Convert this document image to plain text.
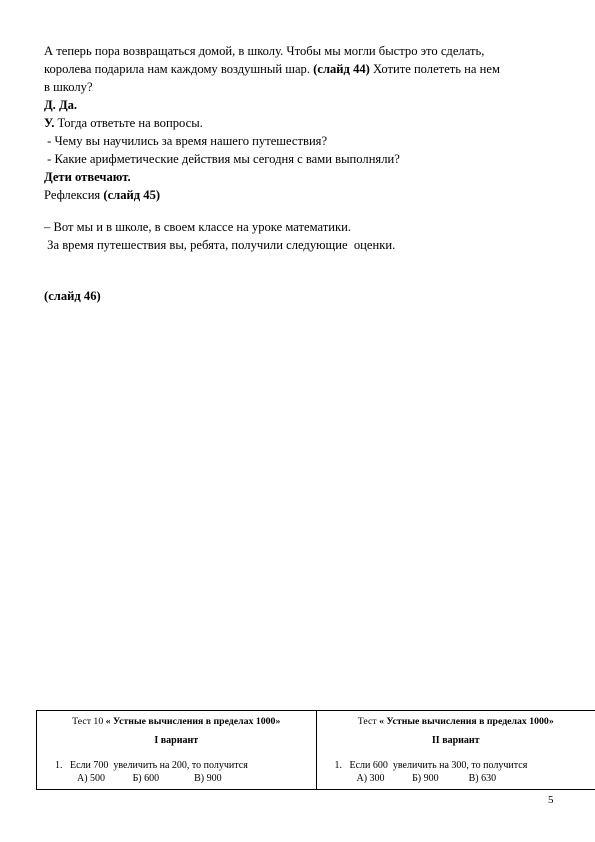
А теперь пора возвращаться домой, в школу. Чтобы мы могли быстро это сделать,
королева подарила нам каждому воздушный шар. (слайд 44) Хотите полететь на нем
в школу?
Д. Да.
У. Тогда ответьте на вопросы.
- Чему вы научились за время нашего путешествия?
- Какие арифметические действия мы сегодня с вами выполняли?
Дети отвечают.
Рефлексия (слайд 45)
– Вот мы и в школе, в своем классе на уроке математики.
За время путешествия вы, ребята, получили следующие  оценки.
(слайд 46)
Тест 10 « Устные вычисления в пределах 1000»
I вариант
1.   Если 700  увеличить на 200, то получится
А) 500	Б) 600	В) 900

Тест « Устные вычисления в пределах 1000»
II вариант
1.   Если 600  увеличить на 300, то получится
А) 300	Б) 900	В) 630
5
